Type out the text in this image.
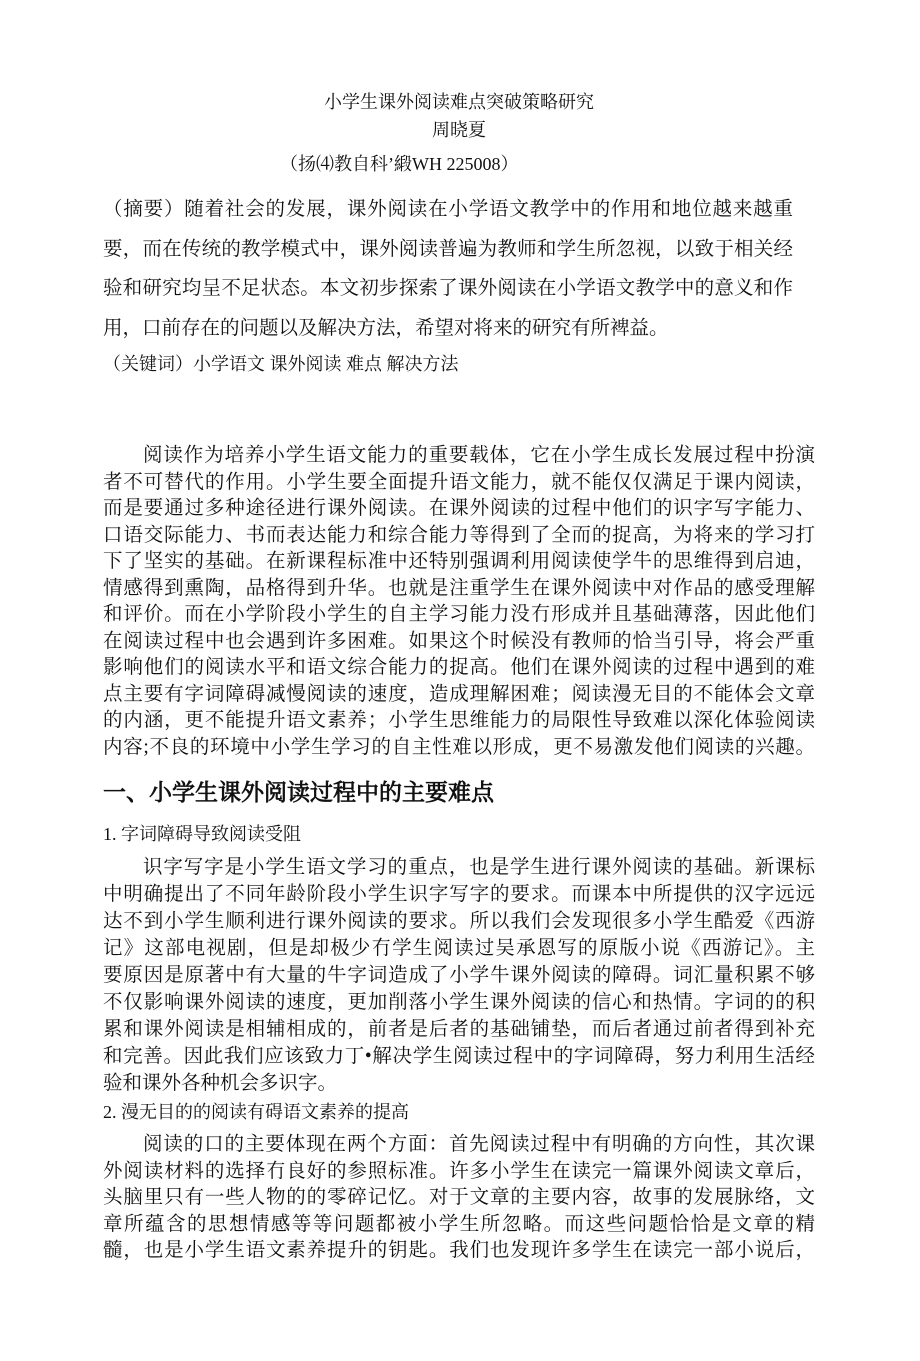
小学生课外阅读难点突破策略研究
周晓夏
（扬⑷教自科’緞WH 225008）
（摘要）随着社会的发展，课外阅读在小学语文教学中的作用和地位越来越重
要，而在传统的教学模式中，课外阅读普遍为教师和学生所忽视，以致于相关经
验和研究均呈不足状态。本文初步探索了课外阅读在小学语文教学中的意义和作
用，口前存在的问题以及解决方法，希望对将来的研究有所裨益。
（关键词）小学语文 课外阅读 难点 解决方法
阅读作为培养小学生语文能力的重要载体，它在小学生成长发展过程中扮演
者不可替代的作用。小学生要全面提升语文能力，就不能仅仅满足于课内阅读，
而是要通过多种途径进行课外阅读。在课外阅读的过程中他们的识字写字能力、
口语交际能力、书而表达能力和综合能力等得到了全而的捉高，为将来的学习打
下了坚实的基础。在新课程标准中还特别强调利用阅读使学牛的思维得到启迪，
情感得到熏陶，品格得到升华。也就是注重学生在课外阅读中对作品的感受理解
和评价。而在小学阶段小学生的自主学习能力没冇形成并且基础薄落，因此他们
在阅读过程中也会遇到许多困难。如果这个时候没有教师的恰当引导，将会严重
影响他们的阅读水平和语文综合能力的捉高。他们在课外阅读的过程中遇到的难
点主要有字词障碍减慢阅读的速度，造成理解困难；阅读漫无目的不能体会文章
的内涵，更不能提升语文素养；小学生思维能力的局限性导致难以深化体验阅读
内容;不良的环境中小学生学习的自主性难以形成，更不易激发他们阅读的兴趣。
一、小学生课外阅读过程中的主要难点
1. 字词障碍导致阅读受阻
识字写字是小学生语文学习的重点，也是学生进行课外阅读的基础。新课标
中明确提出了不同年龄阶段小学生识字写字的要求。而课本中所提供的汉字远远
达不到小学生顺利进行课外阅读的要求。所以我们会发现很多小学生酷爱《西游
记》这部电视剧，但是却极少冇学生阅读过吴承恩写的原版小说《西游记》。主
要原因是原著中有大量的牛字词造成了小学牛课外阅读的障碍。词汇量积累不够
不仅影响课外阅读的速度，更加削落小学生课外阅读的信心和热情。字词的的积
累和课外阅读是相辅相成的，前者是后者的基础铺垫，而后者通过前者得到补充
和完善。因此我们应该致力丁•解决学生阅读过程中的字词障碍，努力利用生活经
验和课外各种机会多识字。
2. 漫无目的的阅读有碍语文素养的提高
阅读的口的主要体现在两个方面：首先阅读过程中有明确的方向性，其次课
外阅读材料的选择冇良好的参照标准。许多小学生在读完一篇课外阅读文章后，
头脑里只有一些人物的的零碎记忆。对于文章的主要内容，故事的发展脉络，文
章所蕴含的思想情感等等问题都被小学生所忽略。而这些问题恰恰是文章的精
髓，也是小学生语文素养提升的钥匙。我们也发现许多学生在读完一部小说后，
